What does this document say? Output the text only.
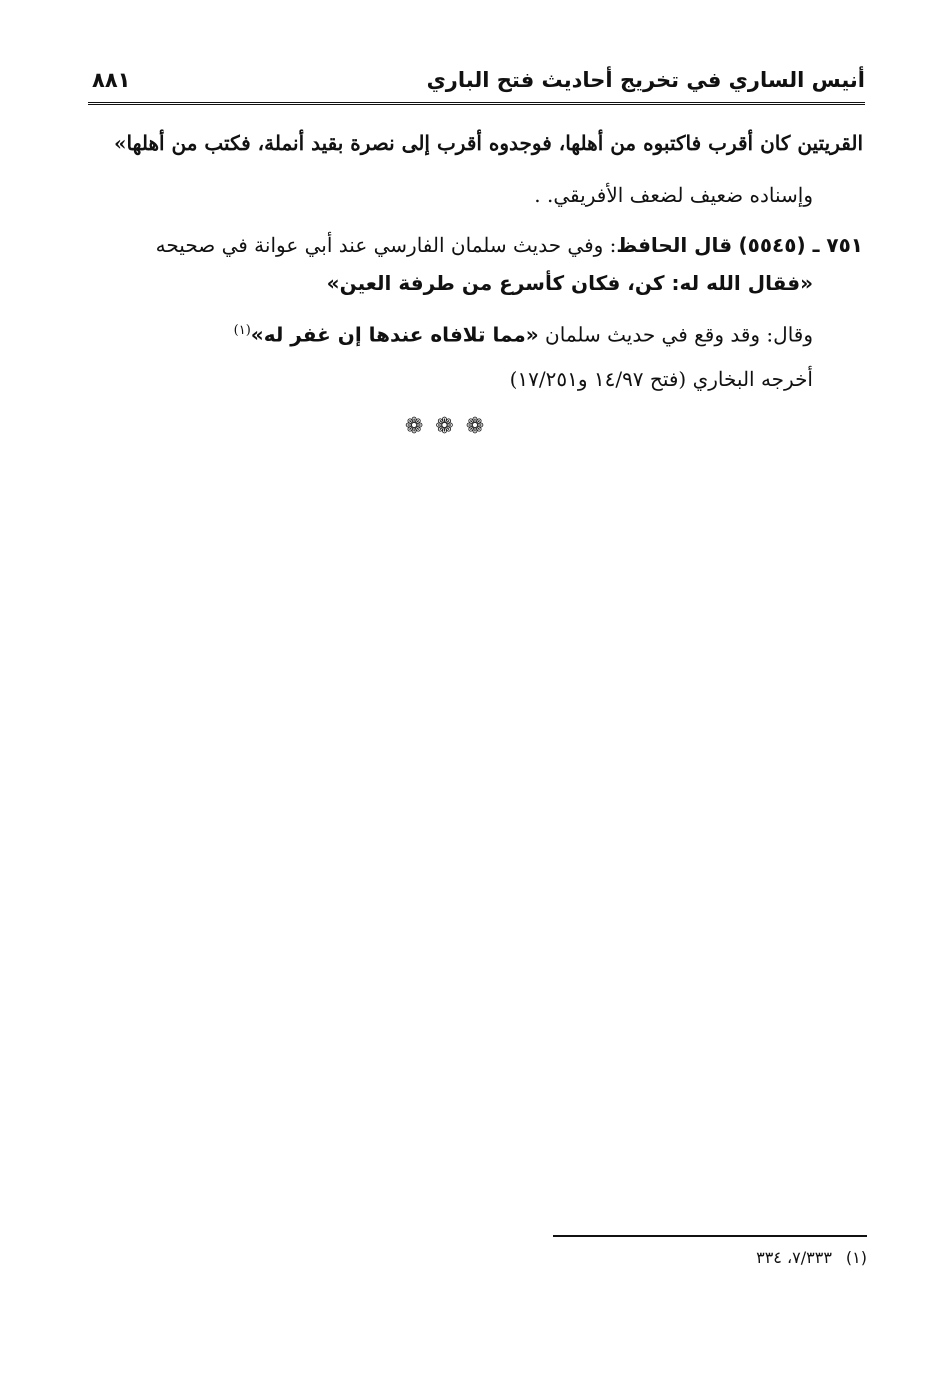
أنيس الساري في تخريج أحاديث فتح الباري
٨٨١

القريتين كان أقرب فاكتبوه من أهلها، فوجدوه أقرب إلى نصرة بقيد أنملة، فكتب من أهلها»

وإسناده ضعيف لضعف الأفريقي. .

٧٥١ ـ (٥٥٤٥) قال الحافظ: وفي حديث سلمان الفارسي عند أبي عوانة في صحيحه

«فقال الله له: كن، فكان كأسرع من طرفة العين»

وقال: وقد وقع في حديث سلمان «مما تلافاه عندها إن غفر له»$^{(١)}$

أخرجه البخاري (فتح ١٤/٩٧ و١٧/٢٥١)

❁❁❁
(١)٧/٣٣٣، ٣٣٤
